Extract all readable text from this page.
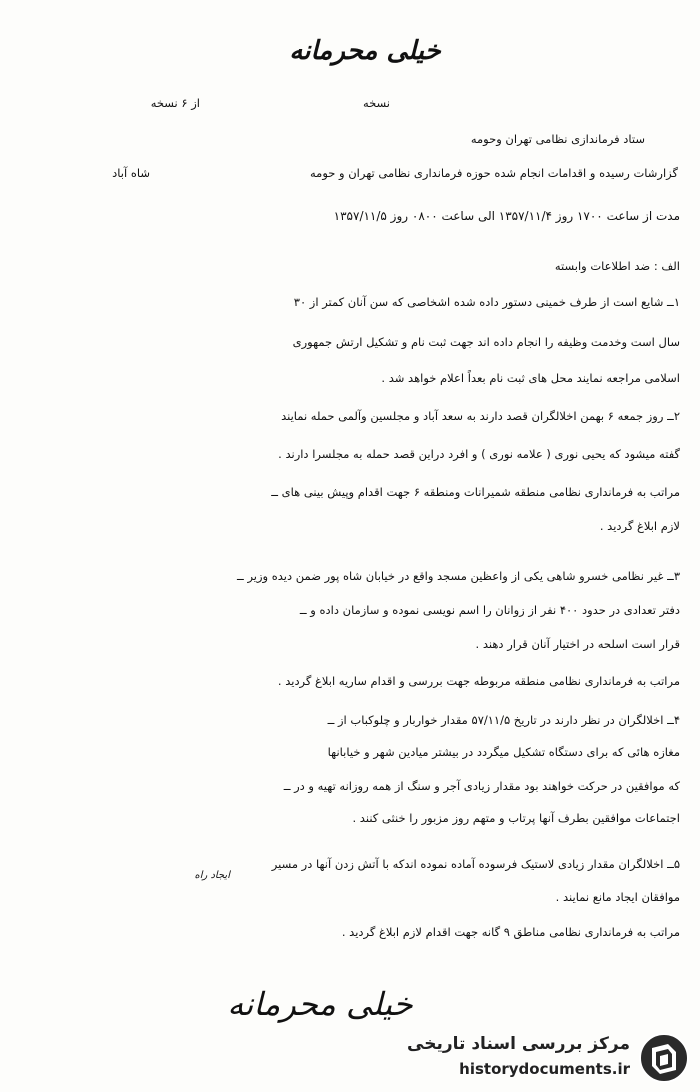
خیلی محرمانه
نسخه
از ۶ نسخه
ستاد فرماندازی نظامی تهران وحومه
شاه آباد	گزارشات رسیده و اقدامات انجام شده حوزه فرمانداری نظامی تهران و حومه
مدت از ساعت ۱۷۰۰ روز ۱۳۵۷/۱۱/۴ الی ساعت ۰۸۰۰ روز ۱۳۵۷/۱۱/۵
الف : ضد اطلاعات وابسته
۱ــ شایع است از طرف خمینی دستور داده شده اشخاصی که سن آنان کمتر از ۳۰
سال است وخدمت وظیفه را انجام داده اند جهت ثبت نام و تشکیل ارتش جمهوری
اسلامی مراجعه نمایند محل های ثبت نام بعداً اعلام خواهد شد .
۲ــ روز جمعه ۶ بهمن اخلالگران قصد دارند به سعد آباد و مجلسین وآلمی حمله نمایند
گفته میشود که یحیی نوری ( علامه نوری ) و افرد دراین قصد حمله به مجلسرا دارند .
مراتب به فرمانداری نظامی منطقه شمیرانات ومنطقه ۶ جهت اقدام وپیش بینی های ــ
لازم ابلاغ گردید .
۳ــ غیر نظامی خسرو شاهی یکی از واعظین مسجد واقع در خیابان شاه پور ضمن دیده وزیر ــ
دفتر تعدادی در حدود ۴۰۰ نفر از زوانان را اسم نویسی نموده و سازمان داده و ــ
قرار است اسلحه در اختیار آنان قرار دهند .
مراتب به فرمانداری نظامی منطقه مربوطه جهت بررسی و اقدام ساریه ابلاغ گردید .
۴ــ اخلالگران در نظر دارند در تاریخ ۵۷/۱۱/۵ مقدار خواربار و چلوکباب از ــ
مغازه هائی که برای دستگاه تشکیل میگردد در بیشتر میادین شهر و خیابانها
که موافقین در حرکت خواهند بود مقدار زیادی آجر و سنگ از همه روزانه تهیه و در ــ
اجتماعات موافقین بطرف آنها پرتاب و متهم روز مزبور را خنثی کنند .
۵ــ اخلالگران مقدار زیادی لاستیک فرسوده آماده نموده اندکه با آتش زدن آنها در مسیر
ایجاد راه
موافقان ایجاد مانع نمایند .
مراتب به فرمانداری نظامی مناطق ۹ گانه جهت اقدام لازم ابلاغ گردید .
خیلی محرمانه
مرکز بررسی اسناد تاریخی
historydocuments.ir
